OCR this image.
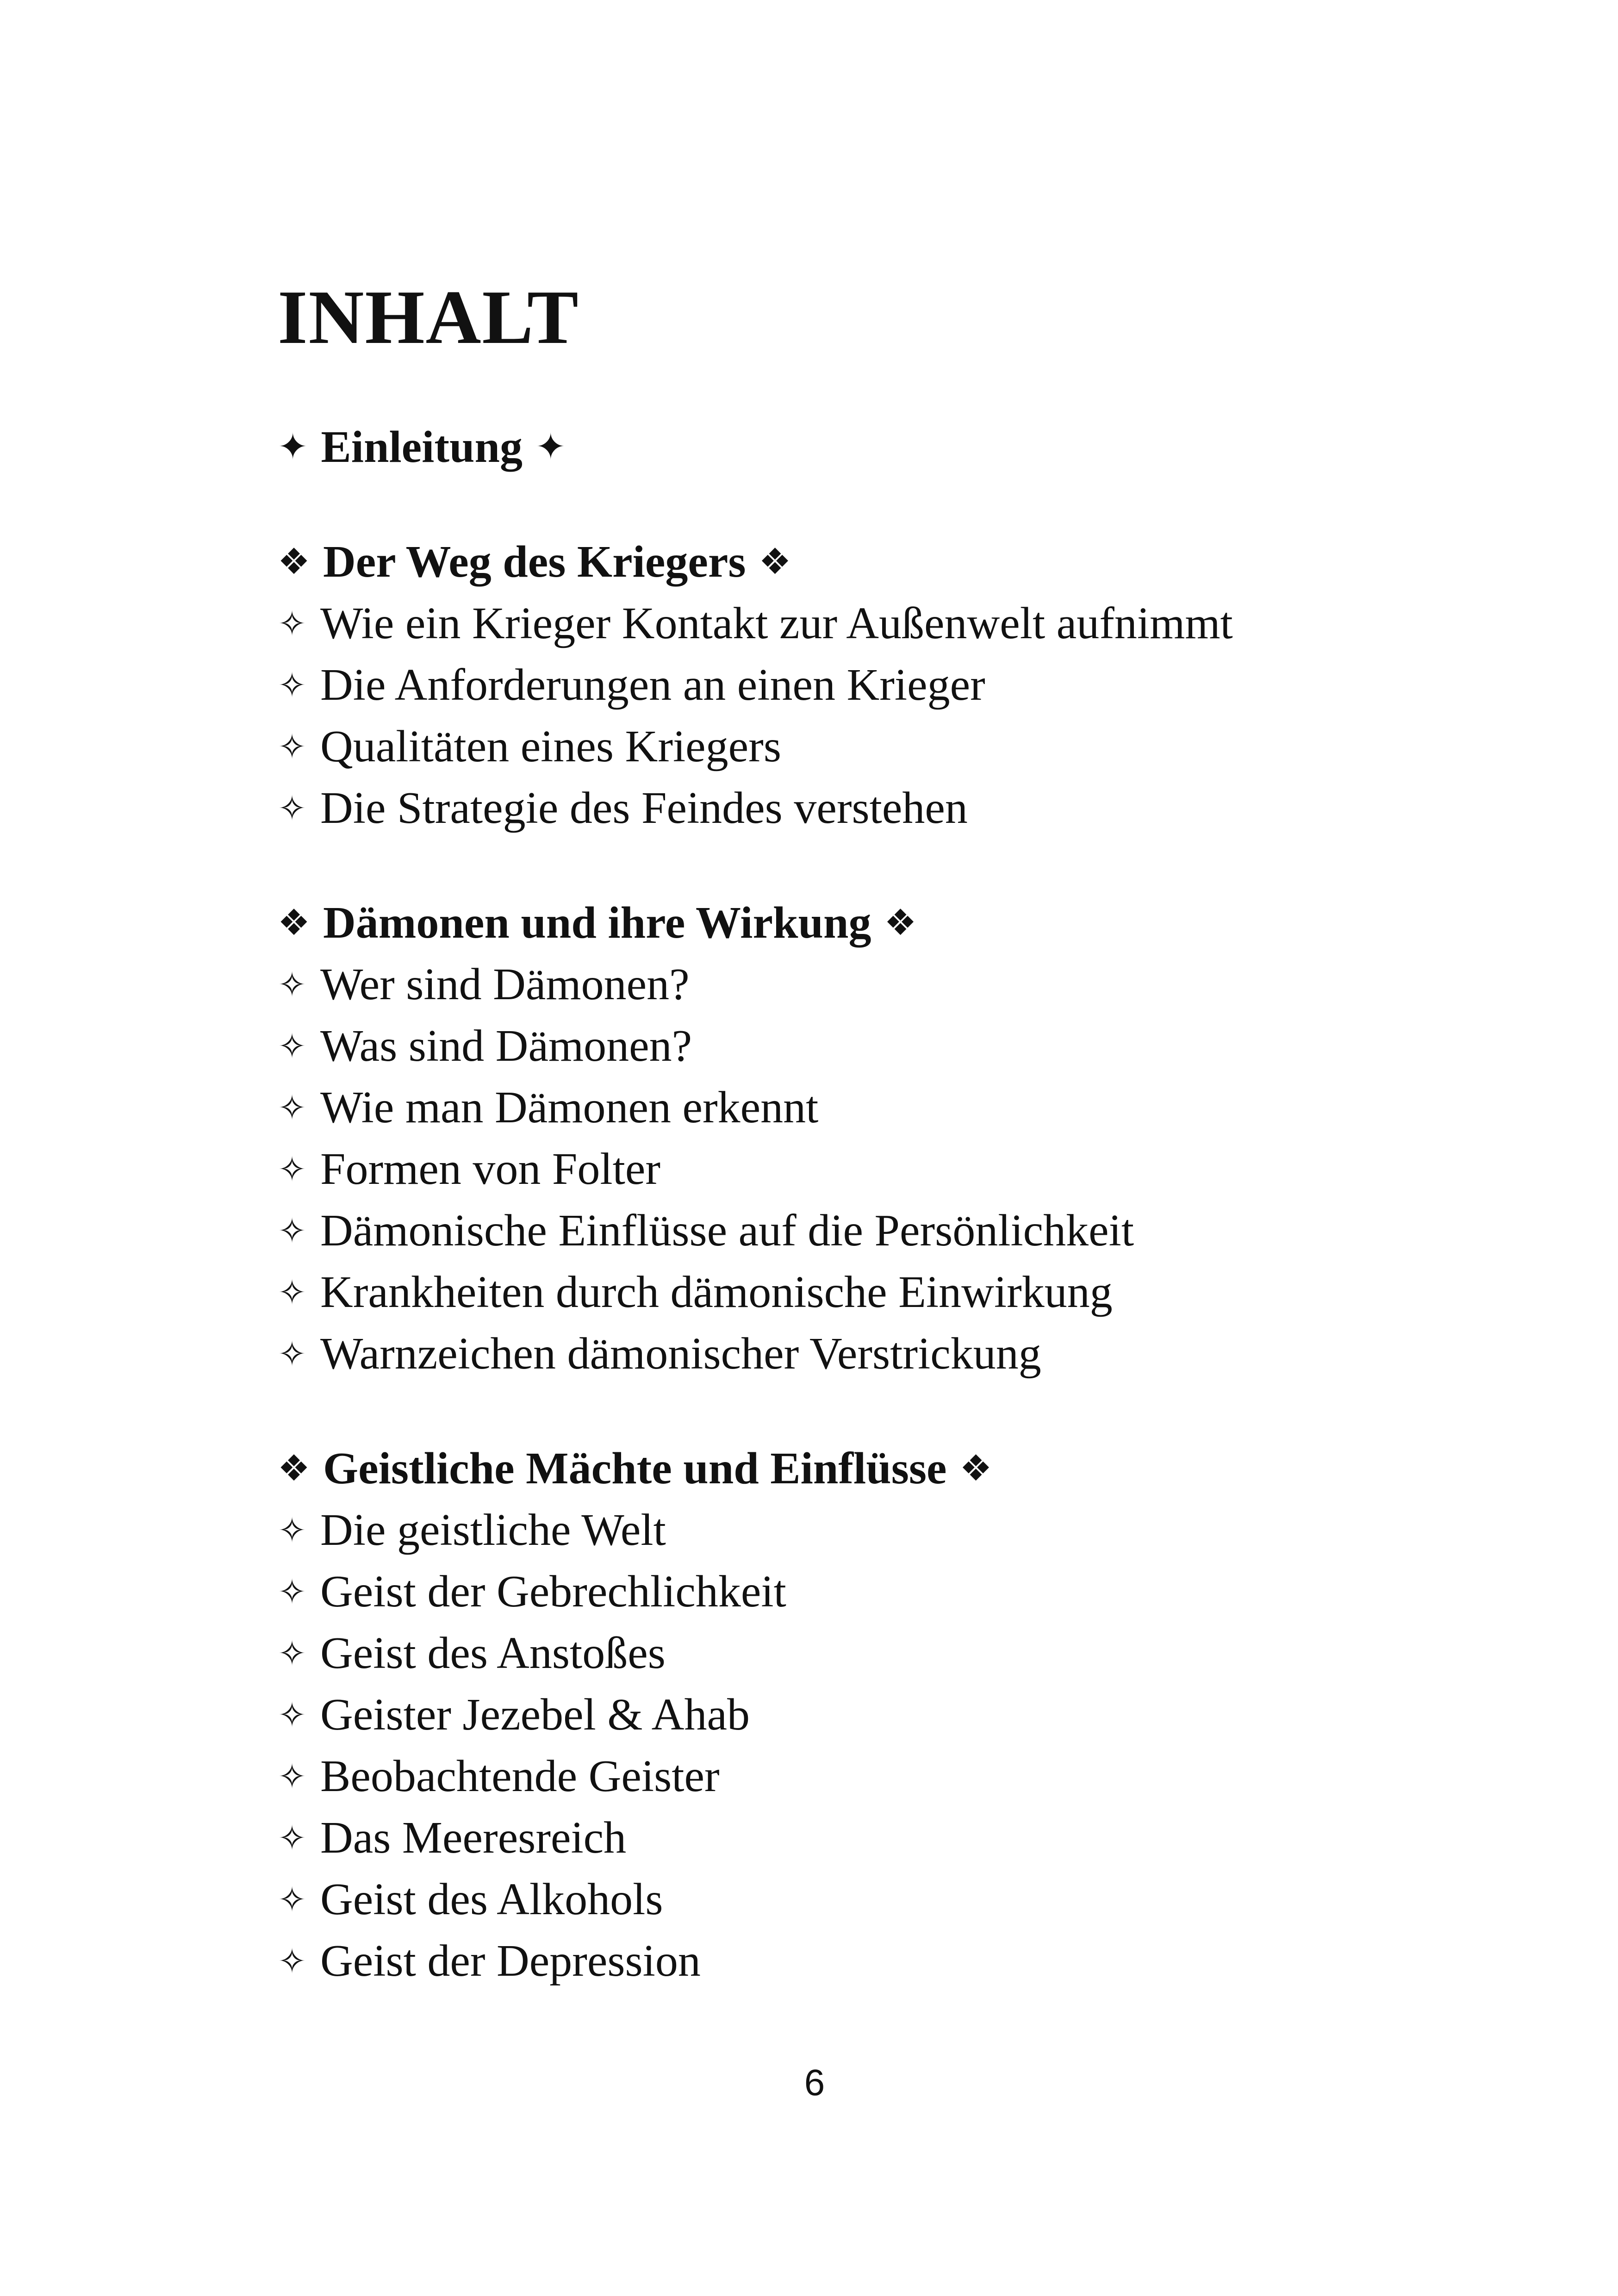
INHALT
✦ Einleitung ✦
❖ Der Weg des Kriegers ❖
✧ Wie ein Krieger Kontakt zur Außenwelt aufnimmt
✧ Die Anforderungen an einen Krieger
✧ Qualitäten eines Kriegers
✧ Die Strategie des Feindes verstehen
❖ Dämonen und ihre Wirkung ❖
✧ Wer sind Dämonen?
✧ Was sind Dämonen?
✧ Wie man Dämonen erkennt
✧ Formen von Folter
✧ Dämonische Einflüsse auf die Persönlichkeit
✧ Krankheiten durch dämonische Einwirkung
✧ Warnzeichen dämonischer Verstrickung
❖ Geistliche Mächte und Einflüsse ❖
✧ Die geistliche Welt
✧ Geist der Gebrechlichkeit
✧ Geist des Anstoßes
✧ Geister Jezebel & Ahab
✧ Beobachtende Geister
✧ Das Meeresreich
✧ Geist des Alkohols
✧ Geist der Depression
6
